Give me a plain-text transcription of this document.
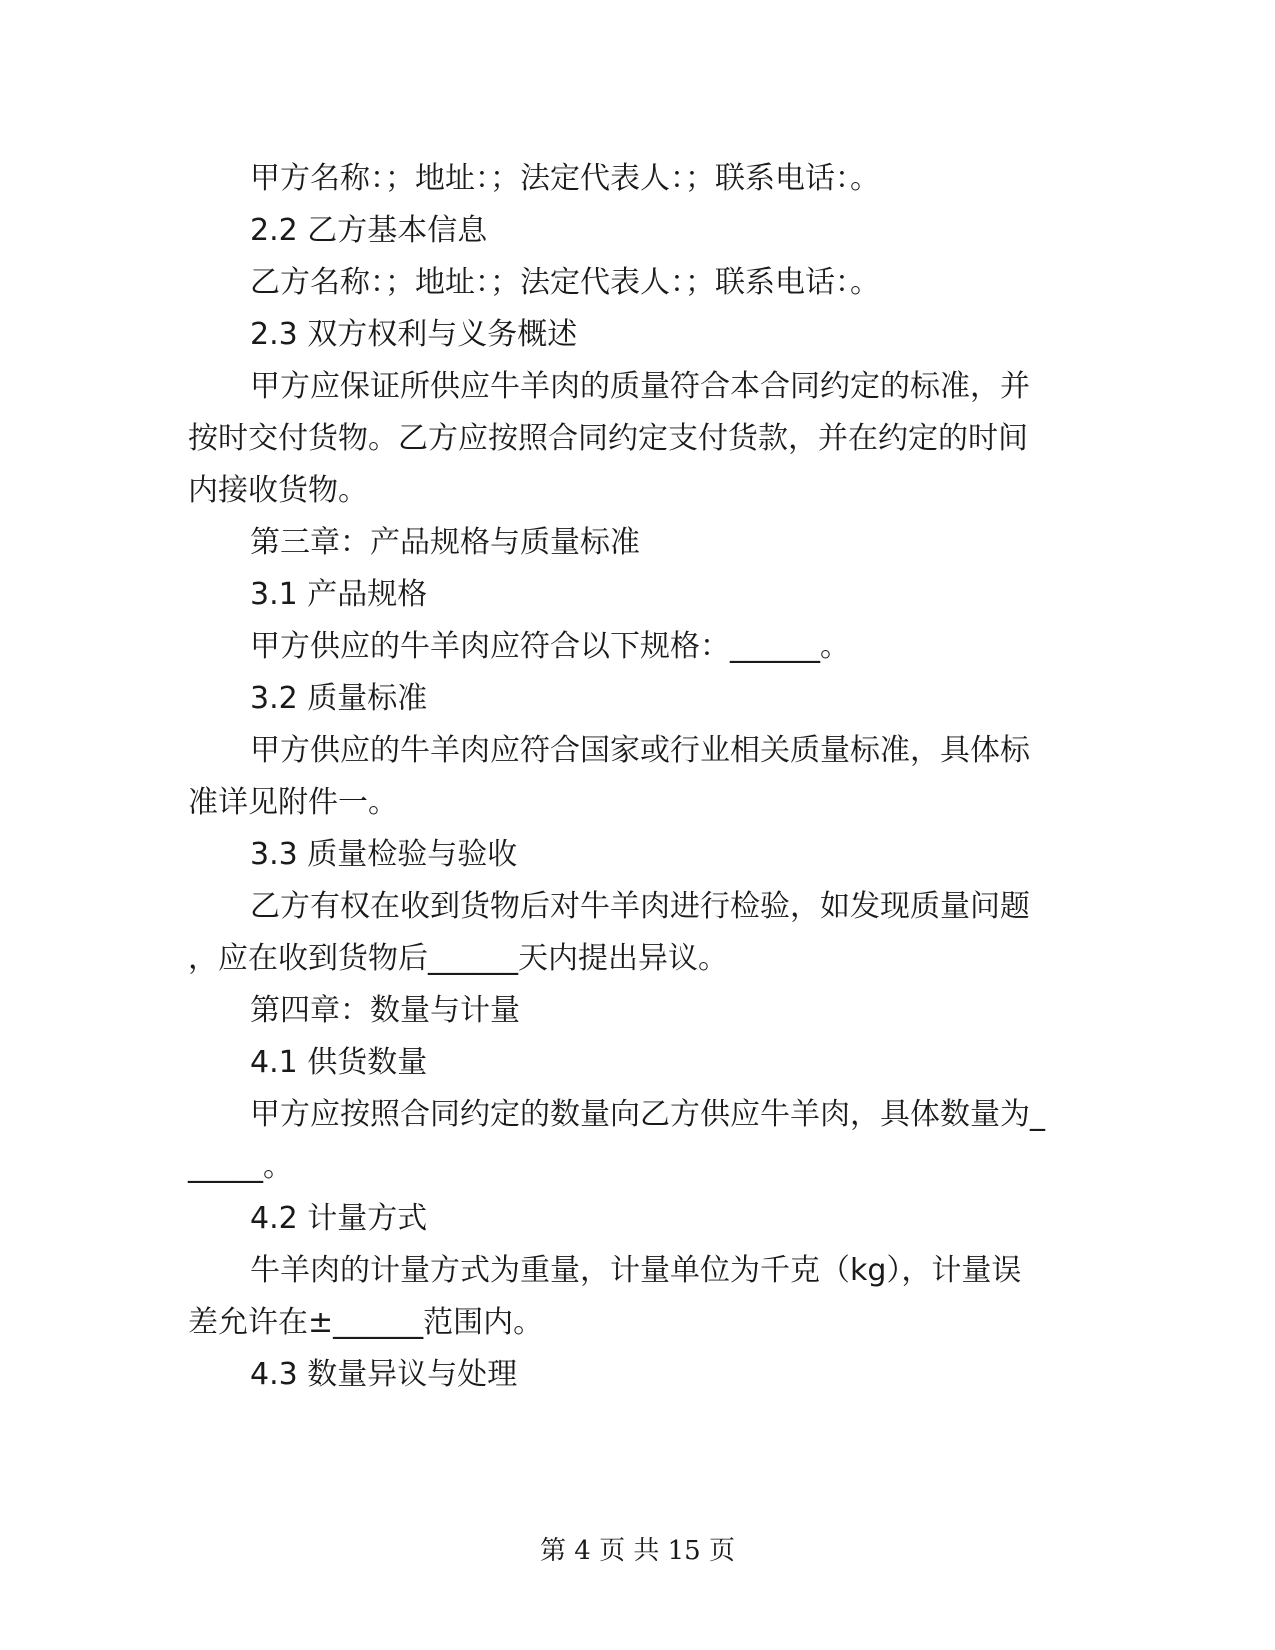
甲方名称：；地址：；法定代表人：；联系电话：。

2.2 乙方基本信息

乙方名称：；地址：；法定代表人：；联系电话：。

2.3 双方权利与义务概述

甲方应保证所供应牛羊肉的质量符合本合同约定的标准，并

按时交付货物。乙方应按照合同约定支付货款，并在约定的时间

内接收货物。

第三章：产品规格与质量标准

3.1 产品规格

甲方供应的牛羊肉应符合以下规格：______。

3.2 质量标准

甲方供应的牛羊肉应符合国家或行业相关质量标准，具体标

准详见附件一。

3.3 质量检验与验收

乙方有权在收到货物后对牛羊肉进行检验，如发现质量问题

，应在收到货物后______天内提出异议。

第四章：数量与计量

4.1 供货数量

甲方应按照合同约定的数量向乙方供应牛羊肉，具体数量为_

_____。

4.2 计量方式

牛羊肉的计量方式为重量，计量单位为千克（kg），计量误

差允许在±______范围内。

4.3 数量异议与处理

第 4 页 共 15 页
